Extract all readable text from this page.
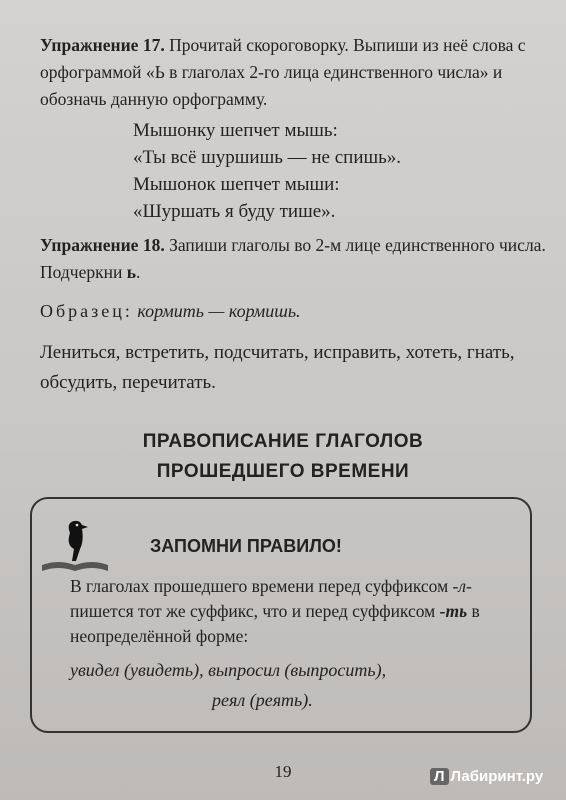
Упражнение 17. Прочитай скороговорку. Выпиши из неё слова с орфограммой «Ь в глаголах 2-го лица единственного числа» и обозначь данную орфограмму.
Мышонку шепчет мышь:
«Ты всё шуршишь — не спишь».
Мышонок шепчет мыши:
«Шуршать я буду тише».
Упражнение 18. Запиши глаголы во 2-м лице единственного числа. Подчеркни ь.
Образец: кормить — кормишь.
Лениться, встретить, подсчитать, исправить, хотеть, гнать, обсудить, перечитать.
ПРАВОПИСАНИЕ ГЛАГОЛОВ
ПРОШЕДШЕГО ВРЕМЕНИ
ЗАПОМНИ ПРАВИЛО!
В глаголах прошедшего времени перед суффиксом -л- пишется тот же суффикс, что и перед суффиксом -ть в неопределённой форме:
увидел (увидеть), выпросил (выпросить),
реял (реять).
19	Л Лабиринт.ру
